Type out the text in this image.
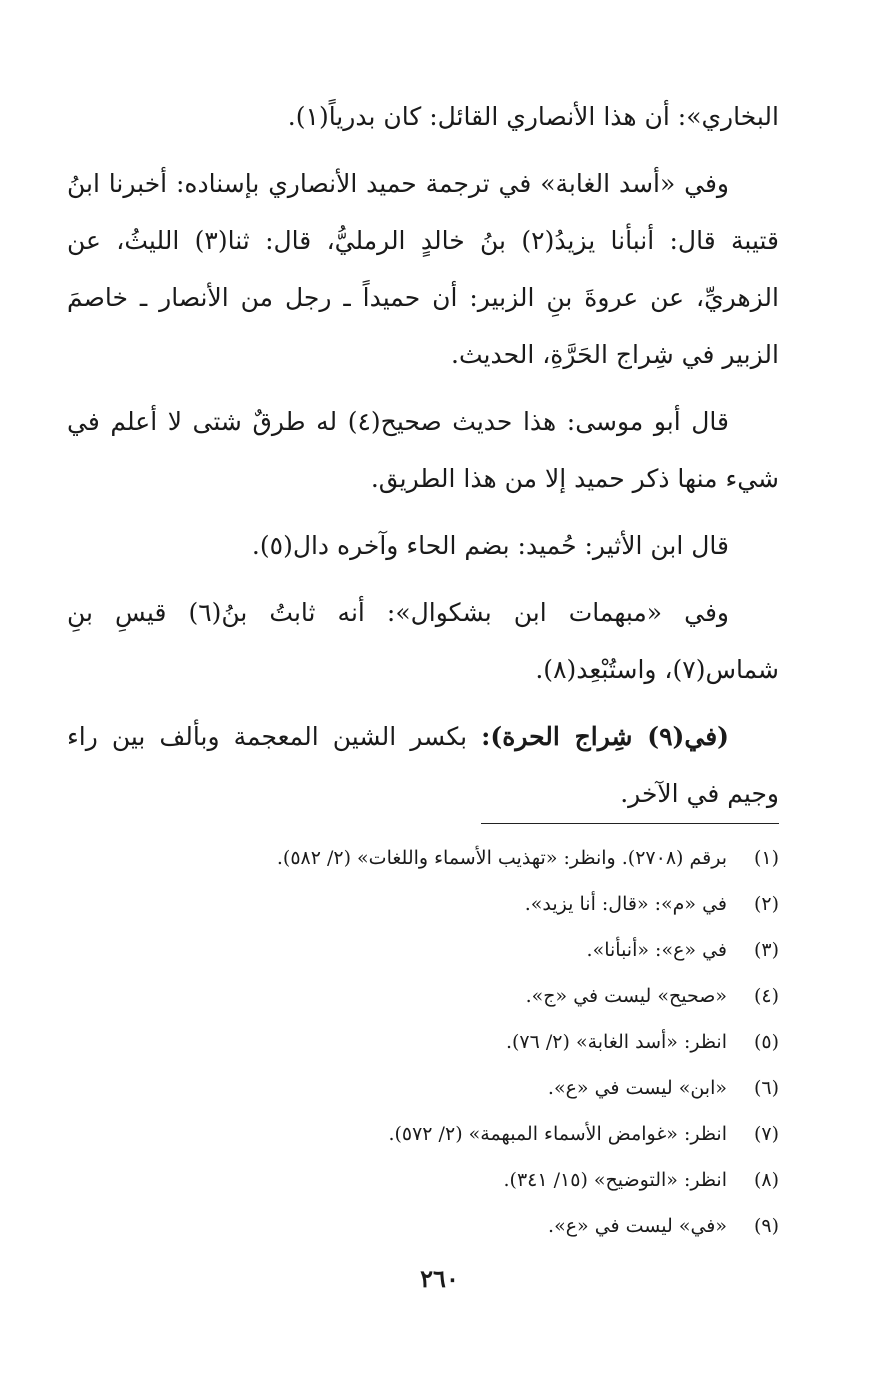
البخاري»: أن هذا الأنصاري القائل: كان بدرياً(١).

وفي «أسد الغابة» في ترجمة حميد الأنصاري بإسناده: أخبرنا ابنُ قتيبة قال: أنبأنا يزيدُ(٢) بنُ خالدٍ الرمليُّ، قال: ثنا(٣) الليثُ، عن الزهريِّ، عن عروةَ بنِ الزبير: أن حميداً ـ رجل من الأنصار ـ خاصمَ الزبير في شِراج الحَرَّةِ، الحديث.

قال أبو موسى: هذا حديث صحيح(٤) له طرقٌ شتى لا أعلم في شيء منها ذكر حميد إلا من هذا الطريق.

قال ابن الأثير: حُميد: بضم الحاء وآخره دال(٥).

وفي «مبهمات ابن بشكوال»: أنه ثابتُ بنُ(٦) قيسِ بنِ شماس(٧)، واستُبْعِد(٨).

(في(٩) شِراج الحرة): بكسر الشين المعجمة وبألف بين راء وجيم في الآخر.

(١)برقم (٢٧٠٨). وانظر: «تهذيب الأسماء واللغات» (٢/ ٥٨٢).
(٢)في «م»: «قال: أنا يزيد».
(٣)في «ع»: «أنبأنا».
(٤)«صحيح» ليست في «ج».
(٥)انظر: «أسد الغابة» (٢/ ٧٦).
(٦)«ابن» ليست في «ع».
(٧)انظر: «غوامض الأسماء المبهمة» (٢/ ٥٧٢).
(٨)انظر: «التوضيح» (١٥/ ٣٤١).
(٩)«في» ليست في «ع».
٢٦٠
